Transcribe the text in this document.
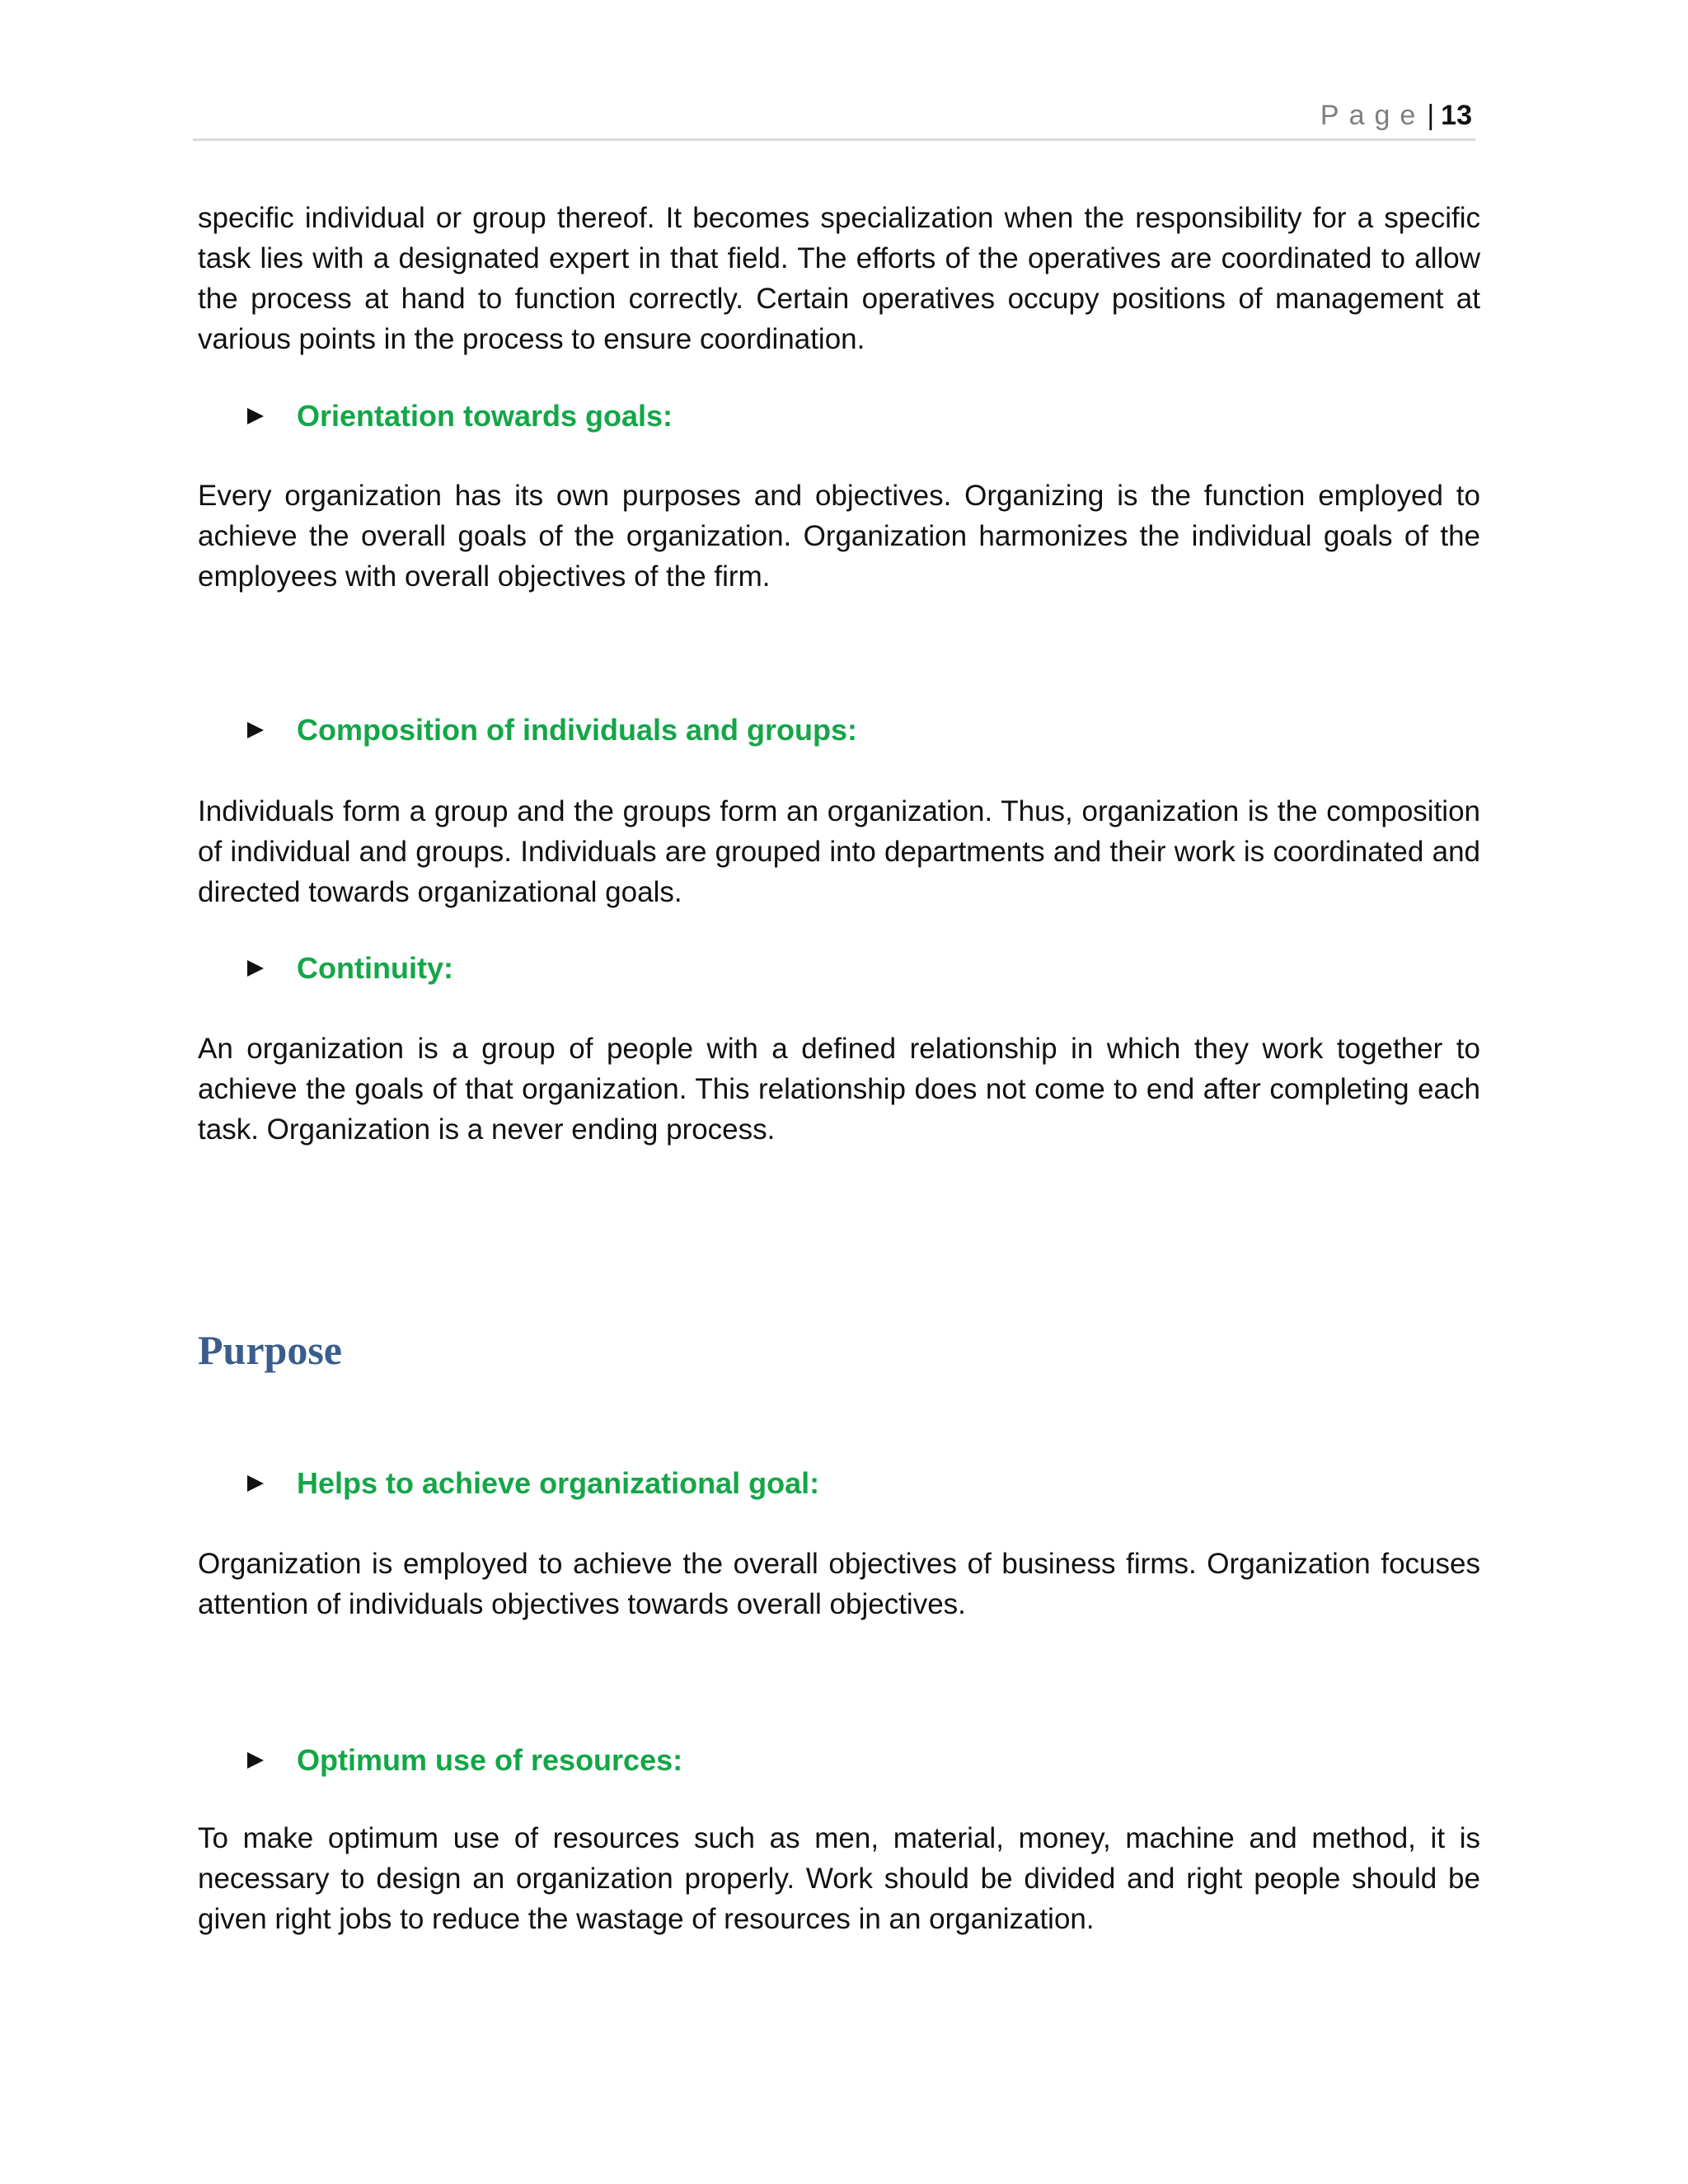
Page| 13

specific individual or group thereof. It becomes specialization when the responsibility for a specific task lies with a designated expert in that field. The efforts of the operatives are coordinated to allow the process at hand to function correctly. Certain operatives occupy positions of management at various points in the process to ensure coordination.

Orientation towards goals:

Every organization has its own purposes and objectives. Organizing is the function employed to achieve the overall goals of the organization. Organization harmonizes the individual goals of the employees with overall objectives of the firm.

Composition of individuals and groups:

Individuals form a group and the groups form an organization. Thus, organization is the composition of individual and groups. Individuals are grouped into departments and their work is coordinated and directed towards organizational goals.

Continuity:

An organization is a group of people with a defined relationship in which they work together to achieve the goals of that organization. This relationship does not come to end after completing each task. Organization is a never ending process.

Purpose
Helps to achieve organizational goal:

Organization is employed to achieve the overall objectives of business firms. Organization focuses attention of individuals objectives towards overall objectives.

Optimum use of resources:

To make optimum use of resources such as men, material, money, machine and method, it is necessary to design an organization properly. Work should be divided and right people should be given right jobs to reduce the wastage of resources in an organization.
